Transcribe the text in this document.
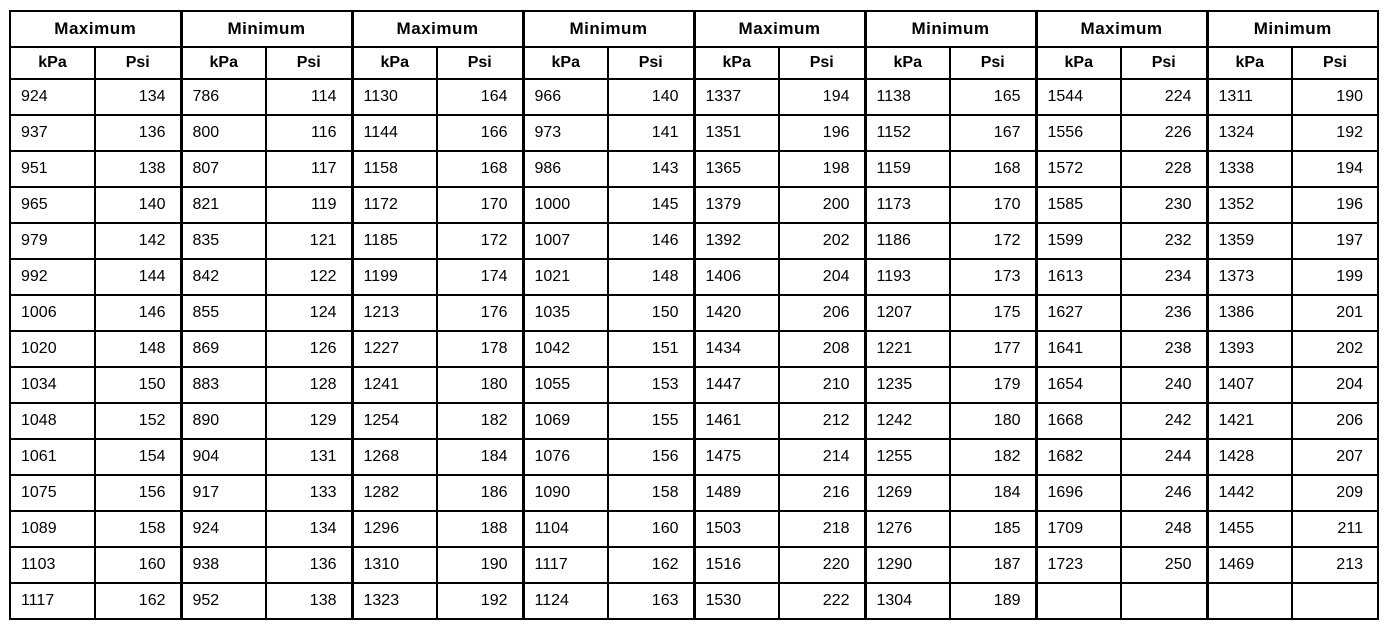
Maximum		Minimum		Maximum		Minimum		Maximum		Minimum		Maximum		Minimum	
kPa	Psi	kPa	Psi	kPa	Psi	kPa	Psi	kPa	Psi	kPa	Psi	kPa	Psi	kPa	Psi
924	134	786	114	1130	164	966	140	1337	194	1138	165	1544	224	1311	190
937	136	800	116	1144	166	973	141	1351	196	1152	167	1556	226	1324	192
951	138	807	117	1158	168	986	143	1365	198	1159	168	1572	228	1338	194
965	140	821	119	1172	170	1000	145	1379	200	1173	170	1585	230	1352	196
979	142	835	121	1185	172	1007	146	1392	202	1186	172	1599	232	1359	197
992	144	842	122	1199	174	1021	148	1406	204	1193	173	1613	234	1373	199
1006	146	855	124	1213	176	1035	150	1420	206	1207	175	1627	236	1386	201
1020	148	869	126	1227	178	1042	151	1434	208	1221	177	1641	238	1393	202
1034	150	883	128	1241	180	1055	153	1447	210	1235	179	1654	240	1407	204
1048	152	890	129	1254	182	1069	155	1461	212	1242	180	1668	242	1421	206
1061	154	904	131	1268	184	1076	156	1475	214	1255	182	1682	244	1428	207
1075	156	917	133	1282	186	1090	158	1489	216	1269	184	1696	246	1442	209
1089	158	924	134	1296	188	1104	160	1503	218	1276	185	1709	248	1455	211
1103	160	938	136	1310	190	1117	162	1516	220	1290	187	1723	250	1469	213
1117	162	952	138	1323	192	1124	163	1530	222	1304	189				
